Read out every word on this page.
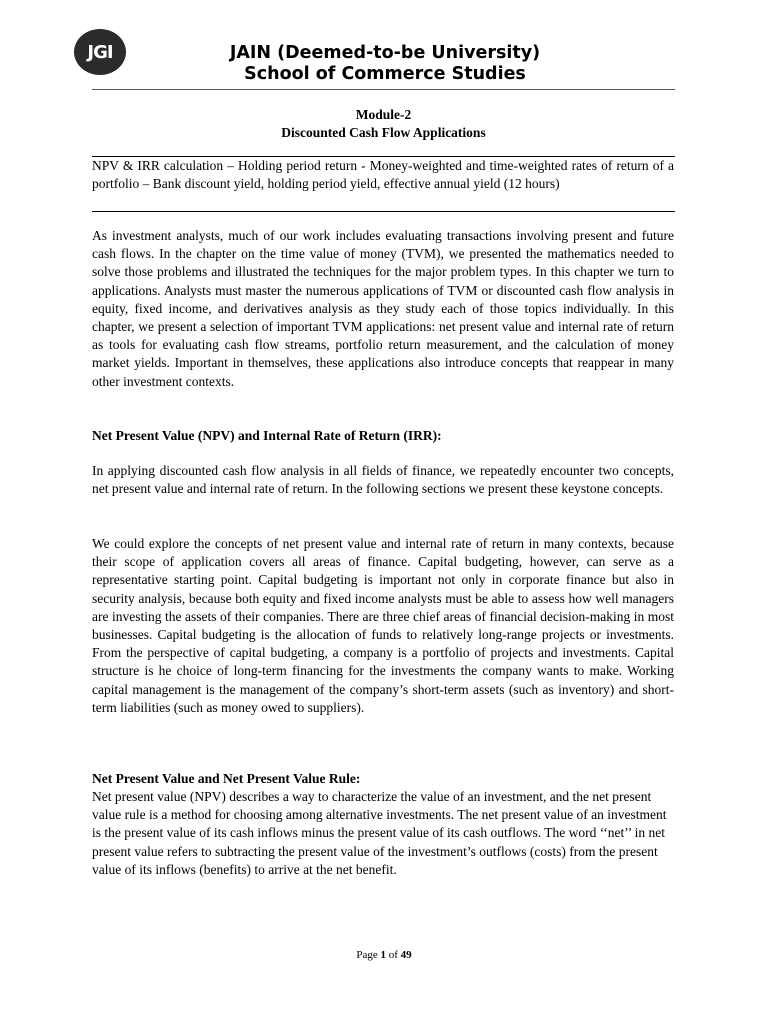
JGI	JAIN (Deemed-to-be University)
School of Commerce Studies
Module-2
Discounted Cash Flow Applications

NPV & IRR calculation – Holding period return - Money-weighted and time-weighted rates of return of a portfolio – Bank discount yield, holding period yield, effective annual yield (12 hours)

As investment analysts, much of our work includes evaluating transactions involving present and future cash flows. In the chapter on the time value of money (TVM), we presented the mathematics needed to solve those problems and illustrated the techniques for the major problem types. In this chapter we turn to applications. Analysts must master the numerous applications of TVM or discounted cash flow analysis in equity, fixed income, and derivatives analysis as they study each of those topics individually. In this chapter, we present a selection of important TVM applications: net present value and internal rate of return as tools for evaluating cash flow streams, portfolio return measurement, and the calculation of money market yields. Important in themselves, these applications also introduce concepts that reappear in many other investment contexts.

Net Present Value (NPV) and Internal Rate of Return (IRR):

In applying discounted cash flow analysis in all fields of finance, we repeatedly encounter two concepts, net present value and internal rate of return. In the following sections we present these keystone concepts.

We could explore the concepts of net present value and internal rate of return in many contexts, because their scope of application covers all areas of finance. Capital budgeting, however, can serve as a representative starting point. Capital budgeting is important not only in corporate finance but also in security analysis, because both equity and fixed income analysts must be able to assess how well managers are investing the assets of their companies. There are three chief areas of financial decision-making in most businesses. Capital budgeting is the allocation of funds to relatively long-range projects or investments. From the perspective of capital budgeting, a company is a portfolio of projects and investments. Capital structure is he choice of long-term financing for the investments the company wants to make. Working capital management is the management of the company’s short-term assets (such as inventory) and short-term liabilities (such as money owed to suppliers).

Net Present Value and Net Present Value Rule:

Net present value (NPV) describes a way to characterize the value of an investment, and the net present value rule is a method for choosing among alternative investments. The net present value of an investment is the present value of its cash inflows minus the present value of its cash outflows. The word ‘‘net’’ in net present value refers to subtracting the present value of the investment’s outflows (costs) from the present value of its inflows (benefits) to arrive at the net benefit.

Page 1 of 49
